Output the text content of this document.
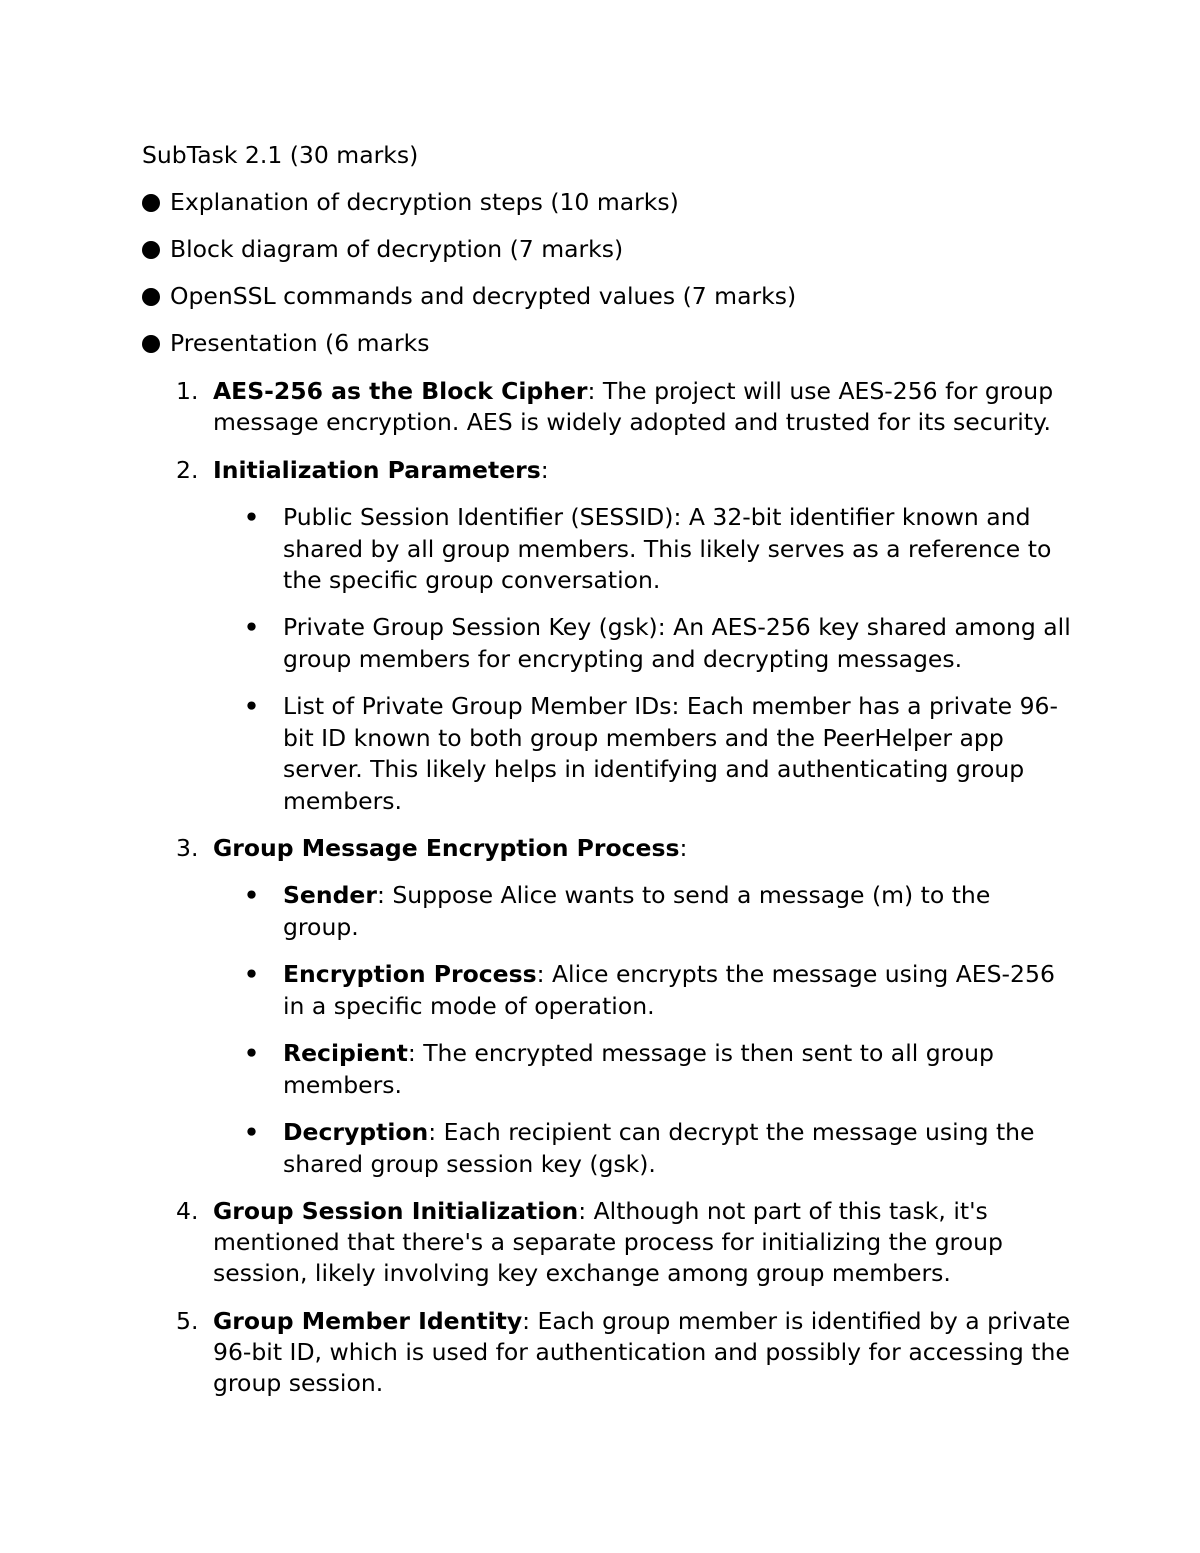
SubTask 2.1 (30 marks)
Explanation of decryption steps (10 marks)
Block diagram of decryption (7 marks)
OpenSSL commands and decrypted values (7 marks)
Presentation (6 marks
1. AES-256 as the Block Cipher: The project will use AES-256 for group message encryption. AES is widely adopted and trusted for its security.
2. Initialization Parameters:
•	Public Session Identifier (SESSID): A 32-bit identifier known and shared by all group members. This likely serves as a reference to the specific group conversation.
•	Private Group Session Key (gsk): An AES-256 key shared among all group members for encrypting and decrypting messages.
•	List of Private Group Member IDs: Each member has a private 96-bit ID known to both group members and the PeerHelper app server. This likely helps in identifying and authenticating group members.
3. Group Message Encryption Process:
•	Sender: Suppose Alice wants to send a message (m) to the group.
•	Encryption Process: Alice encrypts the message using AES-256 in a specific mode of operation.
•	Recipient: The encrypted message is then sent to all group members.
•	Decryption: Each recipient can decrypt the message using the shared group session key (gsk).
4. Group Session Initialization: Although not part of this task, it's mentioned that there's a separate process for initializing the group session, likely involving key exchange among group members.
5. Group Member Identity: Each group member is identified by a private 96-bit ID, which is used for authentication and possibly for accessing the group session.
